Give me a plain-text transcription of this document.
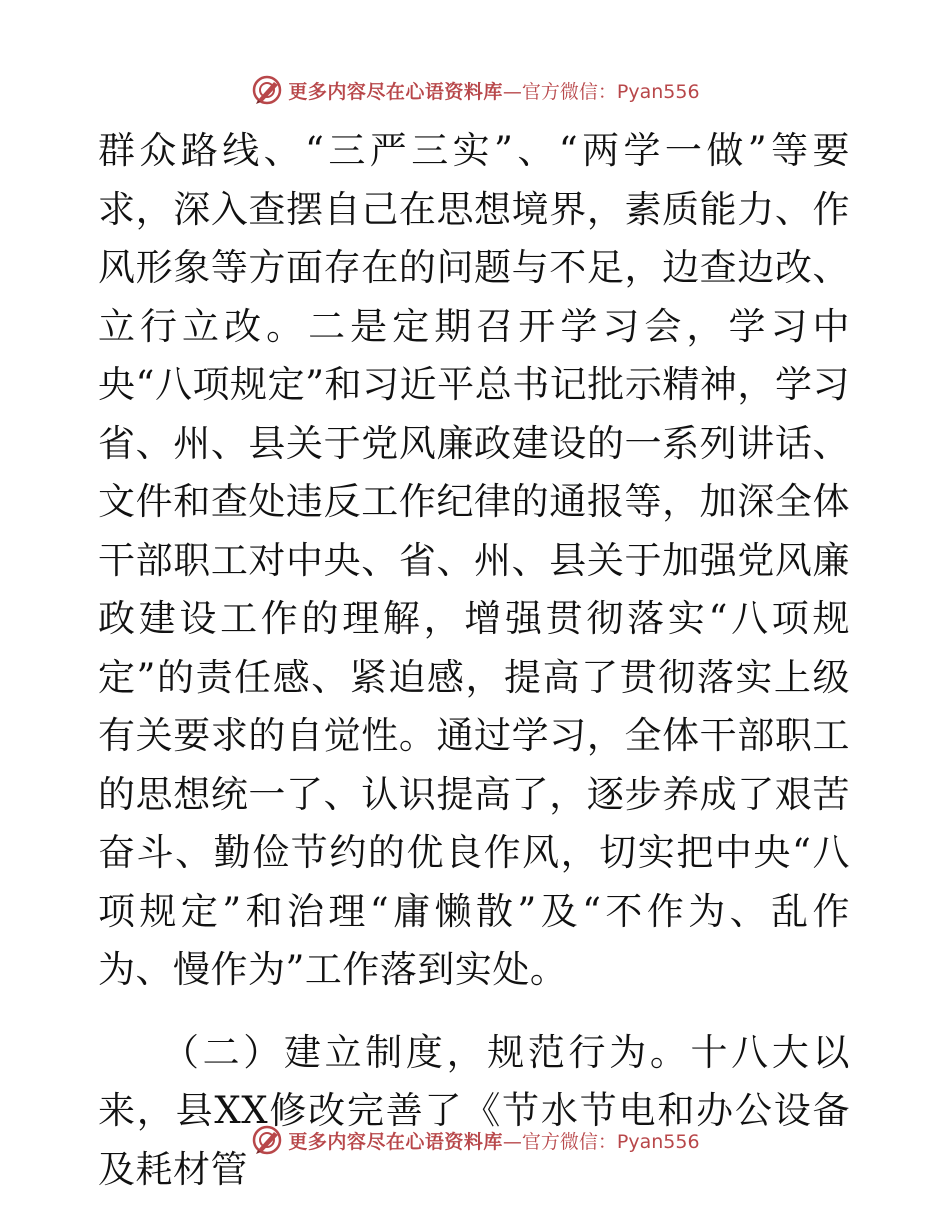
更多内容尽在心语资料库 —官方微信：Pyan556

群众路线、“三严三实”、“两学一做”等要求，深入查摆自己在思想境界，素质能力、作风形象等方面存在的问题与不足，边查边改、立行立改。二是定期召开学习会，学习中央“八项规定”和习近平总书记批示精神，学习省、州、县关于党风廉政建设的一系列讲话、文件和查处违反工作纪律的通报等，加深全体干部职工对中央、省、州、县关于加强党风廉政建设工作的理解，增强贯彻落实“八项规定”的责任感、紧迫感，提高了贯彻落实上级有关要求的自觉性。通过学习，全体干部职工的思想统一了、认识提高了，逐步养成了艰苦奋斗、勤俭节约的优良作风，切实把中央“八项规定”和治理“庸懒散”及“不作为、乱作为、慢作为”工作落到实处。

（二）建立制度，规范行为。十八大以来，县XX修改完善了《节水节电和办公设备及耗材管

更多内容尽在心语资料库 —官方微信：Pyan556
